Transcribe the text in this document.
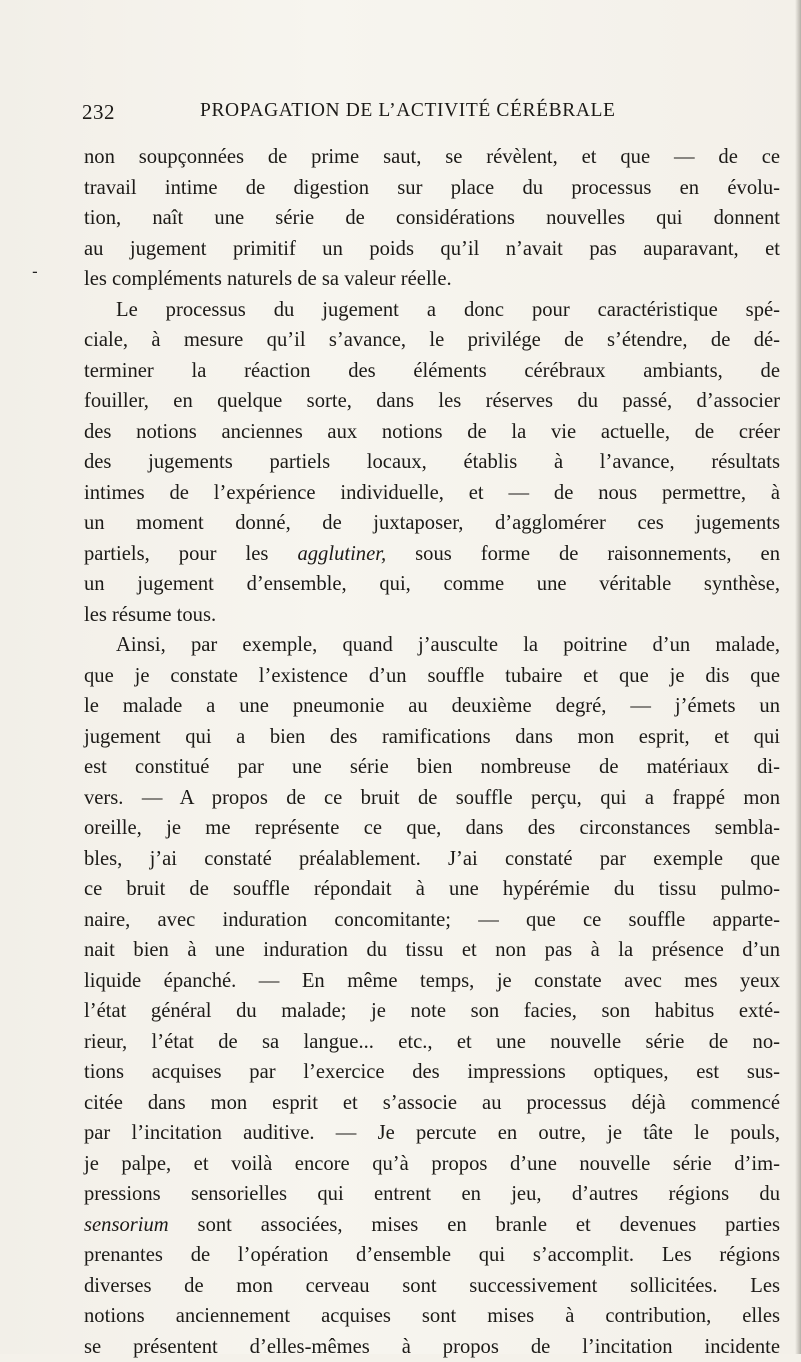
-
232	PROPAGATION DE L’ACTIVITÉ CÉRÉBRALE
non soupçonnées de prime saut, se révèlent, et que — de ce
travail intime de digestion sur place du processus en évolu-
tion, naît une série de considérations nouvelles qui donnent
au jugement primitif un poids qu’il n’avait pas auparavant, et
les compléments naturels de sa valeur réelle.
Le processus du jugement a donc pour caractéristique spé-
ciale, à mesure qu’il s’avance, le privilége de s’étendre, de dé-
terminer la réaction des éléments cérébraux ambiants, de
fouiller, en quelque sorte, dans les réserves du passé, d’associer
des notions anciennes aux notions de la vie actuelle, de créer
des jugements partiels locaux, établis à l’avance, résultats
intimes de l’expérience individuelle, et — de nous permettre, à
un moment donné, de juxtaposer, d’agglomérer ces jugements
partiels, pour les agglutiner, sous forme de raisonnements, en
un jugement d’ensemble, qui, comme une véritable synthèse,
les résume tous.
Ainsi, par exemple, quand j’ausculte la poitrine d’un malade,
que je constate l’existence d’un souffle tubaire et que je dis que
le malade a une pneumonie au deuxième degré, — j’émets un
jugement qui a bien des ramifications dans mon esprit, et qui
est constitué par une série bien nombreuse de matériaux di-
vers. — A propos de ce bruit de souffle perçu, qui a frappé mon
oreille, je me représente ce que, dans des circonstances sembla-
bles, j’ai constaté préalablement. J’ai constaté par exemple que
ce bruit de souffle répondait à une hypérémie du tissu pulmo-
naire, avec induration concomitante; — que ce souffle apparte-
nait bien à une induration du tissu et non pas à la présence d’un
liquide épanché. — En même temps, je constate avec mes yeux
l’état général du malade; je note son facies, son habitus exté-
rieur, l’état de sa langue... etc., et une nouvelle série de no-
tions acquises par l’exercice des impressions optiques, est sus-
citée dans mon esprit et s’associe au processus déjà commencé
par l’incitation auditive. — Je percute en outre, je tâte le pouls,
je palpe, et voilà encore qu’à propos d’une nouvelle série d’im-
pressions sensorielles qui entrent en jeu, d’autres régions du
sensorium sont associées, mises en branle et devenues parties
prenantes de l’opération d’ensemble qui s’accomplit. Les régions
diverses de mon cerveau sont successivement sollicitées. Les
notions anciennement acquises sont mises à contribution, elles
se présentent d’elles-mêmes à propos de l’incitation incidente
